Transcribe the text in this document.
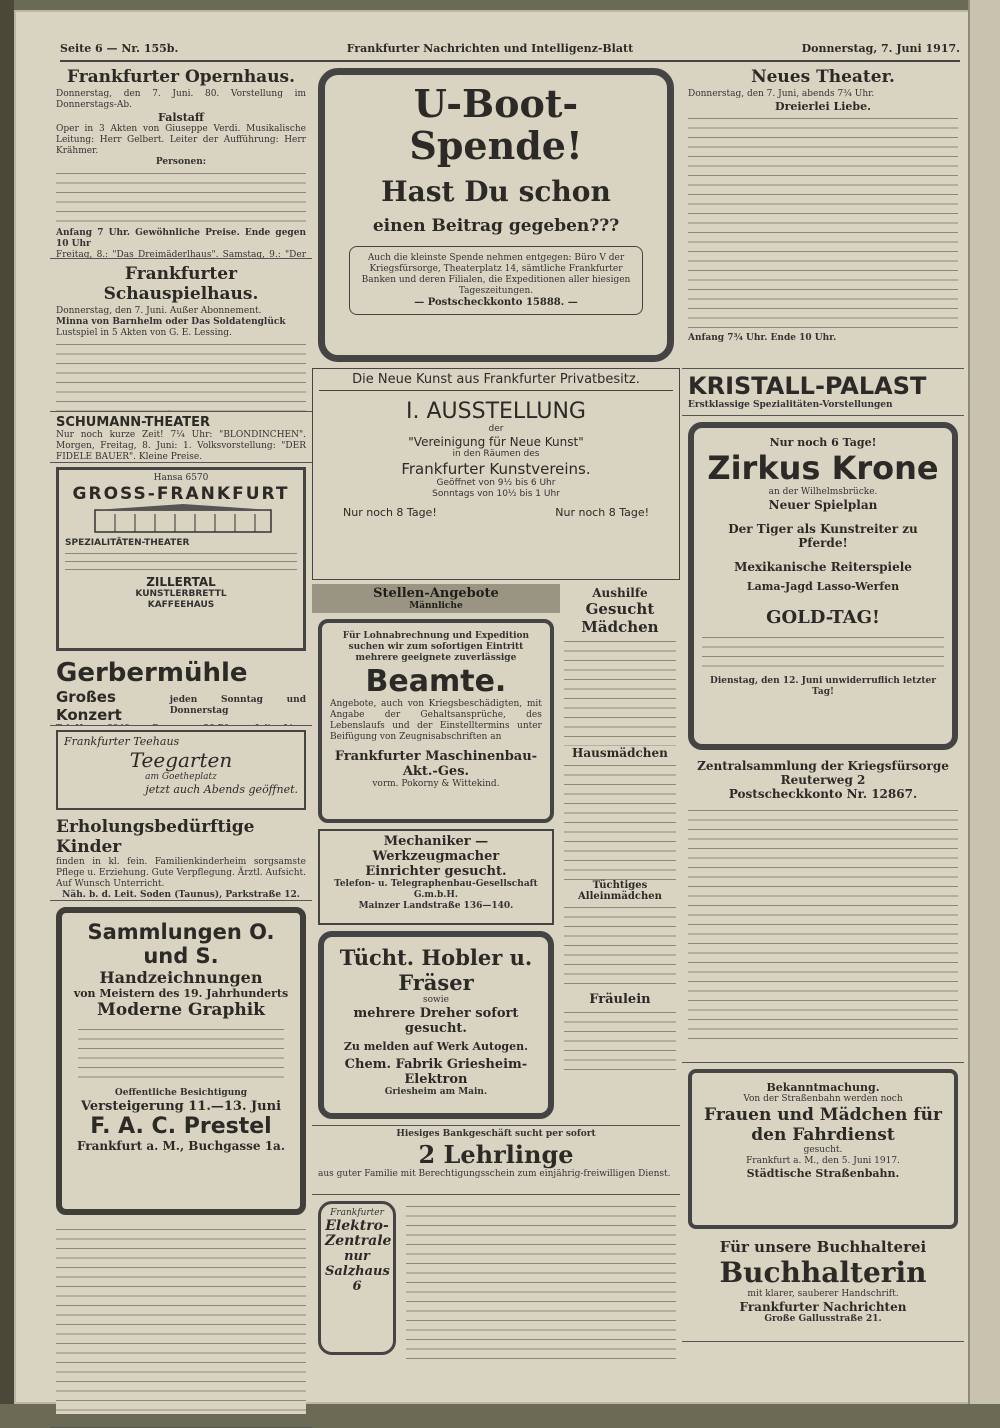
Seite 6 — Nr. 155b.	Frankfurter Nachrichten und Intelligenz-Blatt	Donnerstag, 7. Juni 1917.
Frankfurter Opernhaus.
Donnerstag, den 7. Juni. 80. Vorstellung im Donnerstags-Ab.
Falstaff
Oper in 3 Akten von Giuseppe Verdi. Musikalische Leitung: Herr Gelbert. Leiter der Aufführung: Herr Krähmer.
Personen:
Anfang 7 Uhr. Gewöhnliche Preise. Ende gegen 10 Uhr
Freitag, 8.: "Das Dreimäderlhaus". Samstag, 9.: "Der
Frankfurter Schauspielhaus.
Donnerstag, den 7. Juni. Außer Abonnement.
Minna von Barnhelm oder Das Soldatenglück
Lustspiel in 5 Akten von G. E. Lessing.
SCHUMANN-THEATER
Nur noch kurze Zeit! 7¼ Uhr: "BLONDINCHEN". Morgen, Freitag, 8. Juni: 1. Volksvorstellung: "DER FIDELE BAUER". Kleine Preise.
Hansa 6570
GROSS-FRANKFURT
SPEZIALITÄTEN-THEATER
ZILLERTAL
KUNSTLERBRETTL
KAFFEEHAUS
Gerbermühle
Großes Konzert
jeden Sonntag und Donnerstag
Frankfurter Teehaus
Teegarten
am Goetheplatz
jetzt auch Abends geöffnet.
Erholungsbedürftige Kinder
finden in kl. fein. Familienkinderheim sorgsamste Pflege u. Erziehung. Gute Verpflegung. Ärztl. Aufsicht. Auf Wunsch Unterricht.
Näh. b. d. Leit. Soden (Taunus), Parkstraße 12.
Sammlungen O. und S.
Handzeichnungen
von Meistern des 19. Jahrhunderts
Moderne Graphik
Oeffentliche Besichtigung
Versteigerung 11.—13. Juni
F. A. C. Prestel
Frankfurt a. M., Buchgasse 1a.
U-Boot-Spende!
Hast Du schon
einen Beitrag gegeben???
Auch die kleinste Spende nehmen entgegen: Büro V der Kriegsfürsorge, Theaterplatz 14, sämtliche Frankfurter Banken und deren Filialen, die Expeditionen aller hiesigen Tageszeitungen.
— Postscheckkonto 15888. —
Die Neue Kunst aus Frankfurter Privatbesitz.
I. AUSSTELLUNG
der
"Vereinigung für Neue Kunst"
in den Räumen des
Frankfurter Kunstvereins.
Geöffnet von 9½ bis 6 Uhr
Sonntags von 10½ bis 1 Uhr
Nur noch 8 Tage!	Nur noch 8 Tage!
Stellen-Angebote
Männliche
Für Lohnabrechnung und Expedition suchen wir zum sofortigen Eintritt mehrere geeignete zuverlässige
Beamte.
Angebote, auch von Kriegsbeschädigten, mit Angabe der Gehaltsansprüche, des Lebenslaufs und der Einstelltermins unter Beifügung von Zeugnisabschriften an
Frankfurter Maschinenbau-Akt.-Ges.
vorm. Pokorny & Wittekind.
Mechaniker — Werkzeugmacher
Einrichter gesucht.
Telefon- u. Telegraphenbau-Gesellschaft G.m.b.H.
Mainzer Landstraße 136—140.
Tücht. Hobler u. Fräser
sowie
mehrere Dreher sofort gesucht.
Zu melden auf Werk Autogen.
Chem. Fabrik Griesheim-Elektron
Griesheim am Main.
Aushilfe
Gesucht
Mädchen
Hausmädchen
Tüchtiges Alleinmädchen
Fräulein
Hiesiges Bankgeschäft sucht per sofort
2 Lehrlinge
aus guter Familie mit Berechtigungsschein zum einjährig-freiwilligen Dienst.
Frankfurter
Elektro-Zentrale
nur Salzhaus 6
Neues Theater.
Donnerstag, den 7. Juni, abends 7¾ Uhr.
Dreierlei Liebe.
Anfang 7¾ Uhr. Ende 10 Uhr.
KRISTALL-PALAST
Erstklassige Spezialitäten-Vorstellungen
Nur noch 6 Tage!
Zirkus Krone
an der Wilhelmsbrücke.
Neuer Spielplan
Der Tiger als Kunstreiter zu Pferde!
Mexikanische Reiterspiele
Lama-Jagd Lasso-Werfen
GOLD-TAG!
Dienstag, den 12. Juni unwiderruflich letzter Tag!
Zentralsammlung der Kriegsfürsorge
Reuterweg 2
Postscheckkonto Nr. 12867.
Bekanntmachung.
Von der Straßenbahn werden noch
Frauen und Mädchen für den Fahrdienst
gesucht.
Frankfurt a. M., den 5. Juni 1917.
Städtische Straßenbahn.
Für unsere Buchhalterei
Buchhalterin
mit klarer, sauberer Handschrift.
Frankfurter Nachrichten
Große Gallusstraße 21.
